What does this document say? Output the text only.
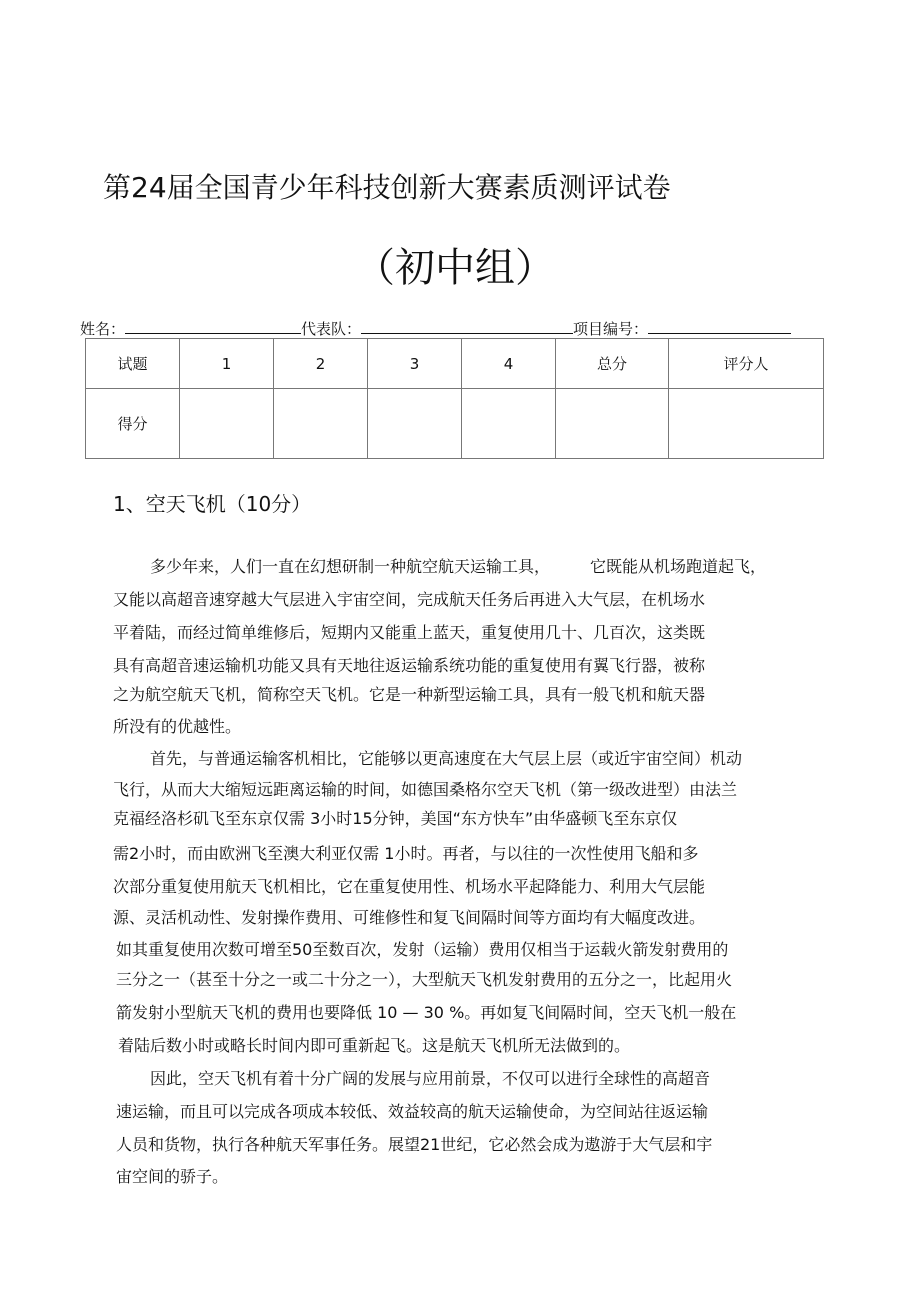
第24届全国青少年科技创新大赛素质测评试卷
（初中组）
姓名：	代表队：	项目编号：
试题	1	2	3	4	总分	评分人
得分						
1、空天飞机（10分）
多少年来，人们一直在幻想研制一种航空航天运输工具，　　　它既能从机场跑道起飞，
又能以高超音速穿越大气层进入宇宙空间，完成航天任务后再进入大气层，在机场水
平着陆，而经过简单维修后，短期内又能重上蓝天，重复使用几十、几百次，这类既
具有高超音速运输机功能又具有天地往返运输系统功能的重复使用有翼飞行器，被称
之为航空航天飞机，简称空天飞机。它是一种新型运输工具，具有一般飞机和航天器
所没有的优越性。
首先，与普通运输客机相比，它能够以更高速度在大气层上层（或近宇宙空间）机动
飞行，从而大大缩短远距离运输的时间，如德国桑格尔空天飞机（第一级改进型）由法兰
克福经洛杉矶飞至东京仅需 3小时15分钟，美国“东方快车”由华盛顿飞至东京仅
需2小时，而由欧洲飞至澳大利亚仅需 1小时。再者，与以往的一次性使用飞船和多
次部分重复使用航天飞机相比，它在重复使用性、机场水平起降能力、利用大气层能
源、灵活机动性、发射操作费用、可维修性和复飞间隔时间等方面均有大幅度改进。
如其重复使用次数可增至50至数百次，发射（运输）费用仅相当于运载火箭发射费用的
三分之一（甚至十分之一或二十分之一），大型航天飞机发射费用的五分之一，比起用火
箭发射小型航天飞机的费用也要降低 10 — 30 %。再如复飞间隔时间，空天飞机一般在
着陆后数小时或略长时间内即可重新起飞。这是航天飞机所无法做到的。
因此，空天飞机有着十分广阔的发展与应用前景，不仅可以进行全球性的高超音
速运输，而且可以完成各项成本较低、效益较高的航天运输使命，为空间站往返运输
人员和货物，执行各种航天军事任务。展望21世纪，它必然会成为遨游于大气层和宇
宙空间的骄子。
